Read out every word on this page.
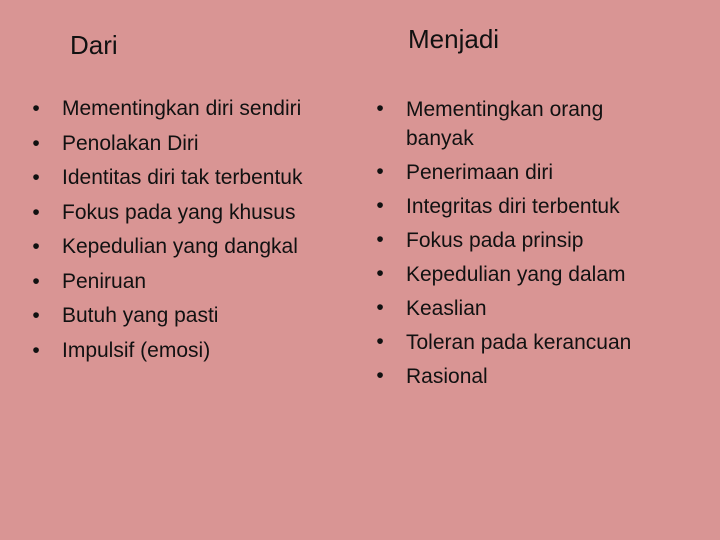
Dari	Menjadi
• Mementingkan diri sendiri
• Penolakan Diri
• Identitas diri tak terbentuk
• Fokus pada yang khusus
• Kepedulian yang dangkal
• Peniruan
• Butuh yang pasti
• Impulsif (emosi)
• Mementingkan orang banyak
• Penerimaan diri
• Integritas diri terbentuk
• Fokus pada prinsip
• Kepedulian yang dalam
• Keaslian
• Toleran pada kerancuan
• Rasional
